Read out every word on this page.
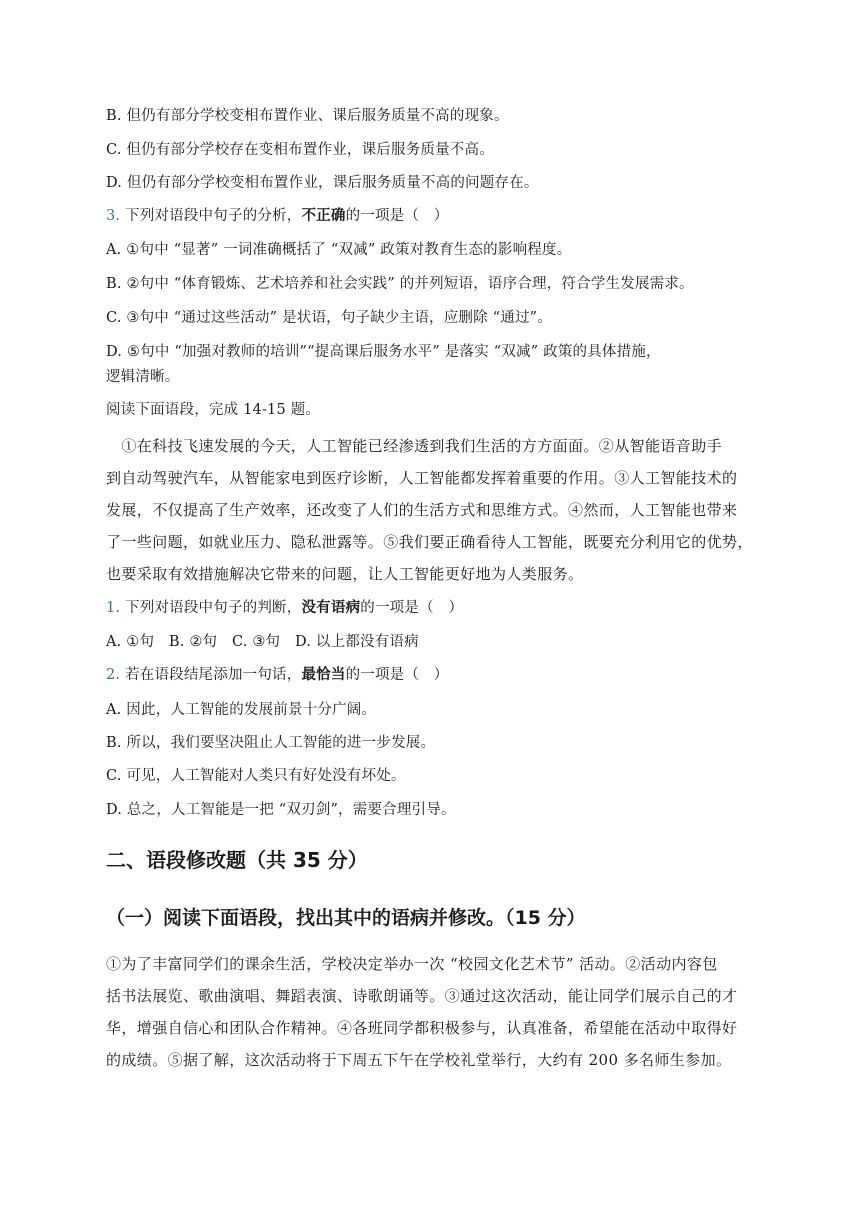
B. 但仍有部分学校变相布置作业、课后服务质量不高的现象。
C. 但仍有部分学校存在变相布置作业，课后服务质量不高。
D. 但仍有部分学校变相布置作业，课后服务质量不高的问题存在。
3. 下列对语段中句子的分析，不正确的一项是（　）
A. ①句中 “显著” 一词准确概括了 “双减” 政策对教育生态的影响程度。
B. ②句中 “体育锻炼、艺术培养和社会实践” 的并列短语，语序合理，符合学生发展需求。
C. ③句中 “通过这些活动” 是状语，句子缺少主语，应删除 “通过”。
D. ⑤句中 “加强对教师的培训”“提高课后服务水平” 是落实 “双减” 政策的具体措施，
逻辑清晰。
阅读下面语段，完成 14-15 题。
　①在科技飞速发展的今天，人工智能已经渗透到我们生活的方方面面。②从智能语音助手
到自动驾驶汽车，从智能家电到医疗诊断，人工智能都发挥着重要的作用。③人工智能技术的
发展，不仅提高了生产效率，还改变了人们的生活方式和思维方式。④然而，人工智能也带来
了一些问题，如就业压力、隐私泄露等。⑤我们要正确看待人工智能，既要充分利用它的优势，
也要采取有效措施解决它带来的问题，让人工智能更好地为人类服务。
1. 下列对语段中句子的判断，没有语病的一项是（　）
A. ①句　B. ②句　C. ③句　D. 以上都没有语病
2. 若在语段结尾添加一句话，最恰当的一项是（　）
A. 因此，人工智能的发展前景十分广阔。
B. 所以，我们要坚决阻止人工智能的进一步发展。
C. 可见，人工智能对人类只有好处没有坏处。
D. 总之，人工智能是一把 “双刃剑”，需要合理引导。
二、语段修改题（共 35 分）
（一）阅读下面语段，找出其中的语病并修改。（15 分）
①为了丰富同学们的课余生活，学校决定举办一次 “校园文化艺术节” 活动。②活动内容包
括书法展览、歌曲演唱、舞蹈表演、诗歌朗诵等。③通过这次活动，能让同学们展示自己的才
华，增强自信心和团队合作精神。④各班同学都积极参与，认真准备，希望能在活动中取得好
的成绩。⑤据了解，这次活动将于下周五下午在学校礼堂举行，大约有 200 多名师生参加。
